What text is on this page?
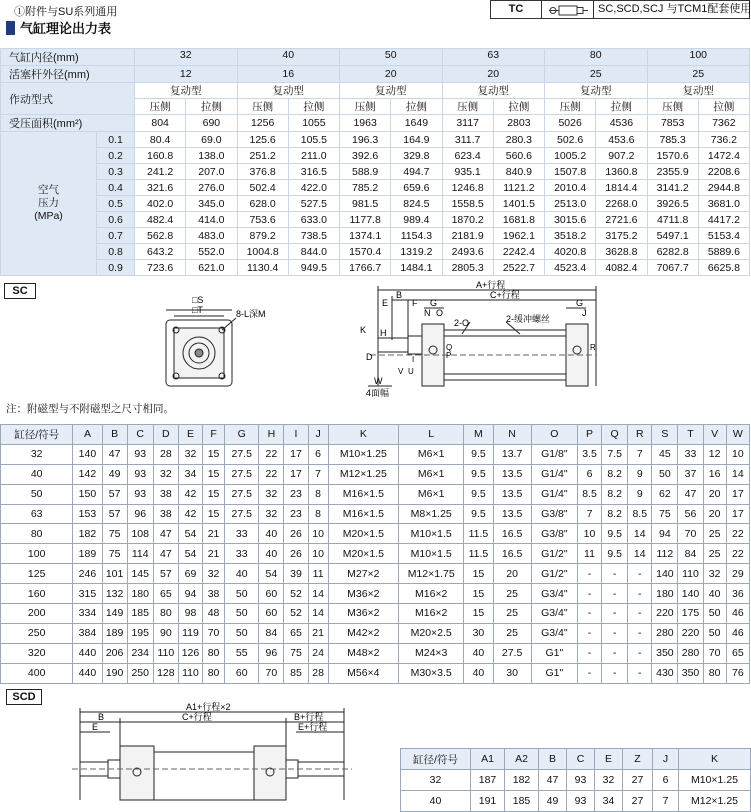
①附件与SU系列通用
气缸理论出力表
TC	SC,SCD,SCJ 与TCM1配套使用
气缸内径(mm)		32		40		50		63		80		100	
活塞杆外径(mm)		12		16		20		20		25		25	
作动型式		复动型		复动型		复动型		复动型		复动型		复动型	
		压侧	拉侧	压侧	拉侧	压侧	拉侧	压侧	拉侧	压侧	拉侧	压侧	拉侧
受压面积(mm²)		804	690	1256	1055	1963	1649	3117	2803	5026	4536	7853	7362

空气
压力
(MPa)	0.1	80.4	69.0	125.6	105.5	196.3	164.9	311.7	280.3	502.6	453.6	785.3	736.2
	0.2	160.8	138.0	251.2	211.0	392.6	329.8	623.4	560.6	1005.2	907.2	1570.6	1472.4
	0.3	241.2	207.0	376.8	316.5	588.9	494.7	935.1	840.9	1507.8	1360.8	2355.9	2208.6
	0.4	321.6	276.0	502.4	422.0	785.2	659.6	1246.8	1121.2	2010.4	1814.4	3141.2	2944.8
	0.5	402.0	345.0	628.0	527.5	981.5	824.5	1558.5	1401.5	2513.0	2268.0	3926.5	3681.0
	0.6	482.4	414.0	753.6	633.0	1177.8	989.4	1870.2	1681.8	3015.6	2721.6	4711.8	4417.2
	0.7	562.8	483.0	879.2	738.5	1374.1	1154.3	2181.9	1962.1	3518.2	3175.2	5497.1	5153.4
	0.8	643.2	552.0	1004.8	844.0	1570.4	1319.2	2493.6	2242.4	4020.8	3628.8	6282.8	5889.6
	0.9	723.6	621.0	1130.4	949.5	1766.7	1484.1	2805.3	2522.7	4523.4	4082.4	7067.7	6625.8
SC
□S
□T	8-L深M
A+行程
C+行程
B
E	F G	G
N O	J
K H
2-O	2-缓冲螺丝
D	I	P
Q	R
V U
W
4面幅
注：附磁型与不附磁型之尺寸相同。
缸径/符号	A	B	C	D	E	F	G	H	I	J	K	L	M	N	O	P	Q	R	S	T	V	W
32	140	47	93	28	32	15	27.5	22	17	6	M10×1.25	M6×1	9.5	13.7	G1/8"	3.5	7.5	7	45	33	12	10
40	142	49	93	32	34	15	27.5	22	17	7	M12×1.25	M6×1	9.5	13.5	G1/4"	6	8.2	9	50	37	16	14
50	150	57	93	38	42	15	27.5	32	23	8	M16×1.5	M6×1	9.5	13.5	G1/4"	8.5	8.2	9	62	47	20	17
63	153	57	96	38	42	15	27.5	32	23	8	M16×1.5	M8×1.25	9.5	13.5	G3/8"	7	8.2	8.5	75	56	20	17
80	182	75	108	47	54	21	33	40	26	10	M20×1.5	M10×1.5	11.5	16.5	G3/8"	10	9.5	14	94	70	25	22
100	189	75	114	47	54	21	33	40	26	10	M20×1.5	M10×1.5	11.5	16.5	G1/2"	11	9.5	14	112	84	25	22
125	246	101	145	57	69	32	40	54	39	11	M27×2	M12×1.75	15	20	G1/2"	-	-	-	140	110	32	29
160	315	132	180	65	94	38	50	60	52	14	M36×2	M16×2	15	25	G3/4"	-	-	-	180	140	40	36
200	334	149	185	80	98	48	50	60	52	14	M36×2	M16×2	15	25	G3/4"	-	-	-	220	175	50	46
250	384	189	195	90	119	70	50	84	65	21	M42×2	M20×2.5	30	25	G3/4"	-	-	-	280	220	50	46
320	440	206	234	110	126	80	55	96	75	24	M48×2	M24×3	40	27.5	G1"	-	-	-	350	280	70	65
400	440	190	250	128	110	80	60	70	85	28	M56×4	M30×3.5	40	30	G1"	-	-	-	430	350	80	76
SCD
A1+行程×2
C+行程	B+行程
E+行程
B
E
缸径/符号	A1	A2	B	C	E	Z	J	K
32	187	182	47	93	32	27	6	M10×1.25
40	191	185	49	93	34	27	7	M12×1.25
